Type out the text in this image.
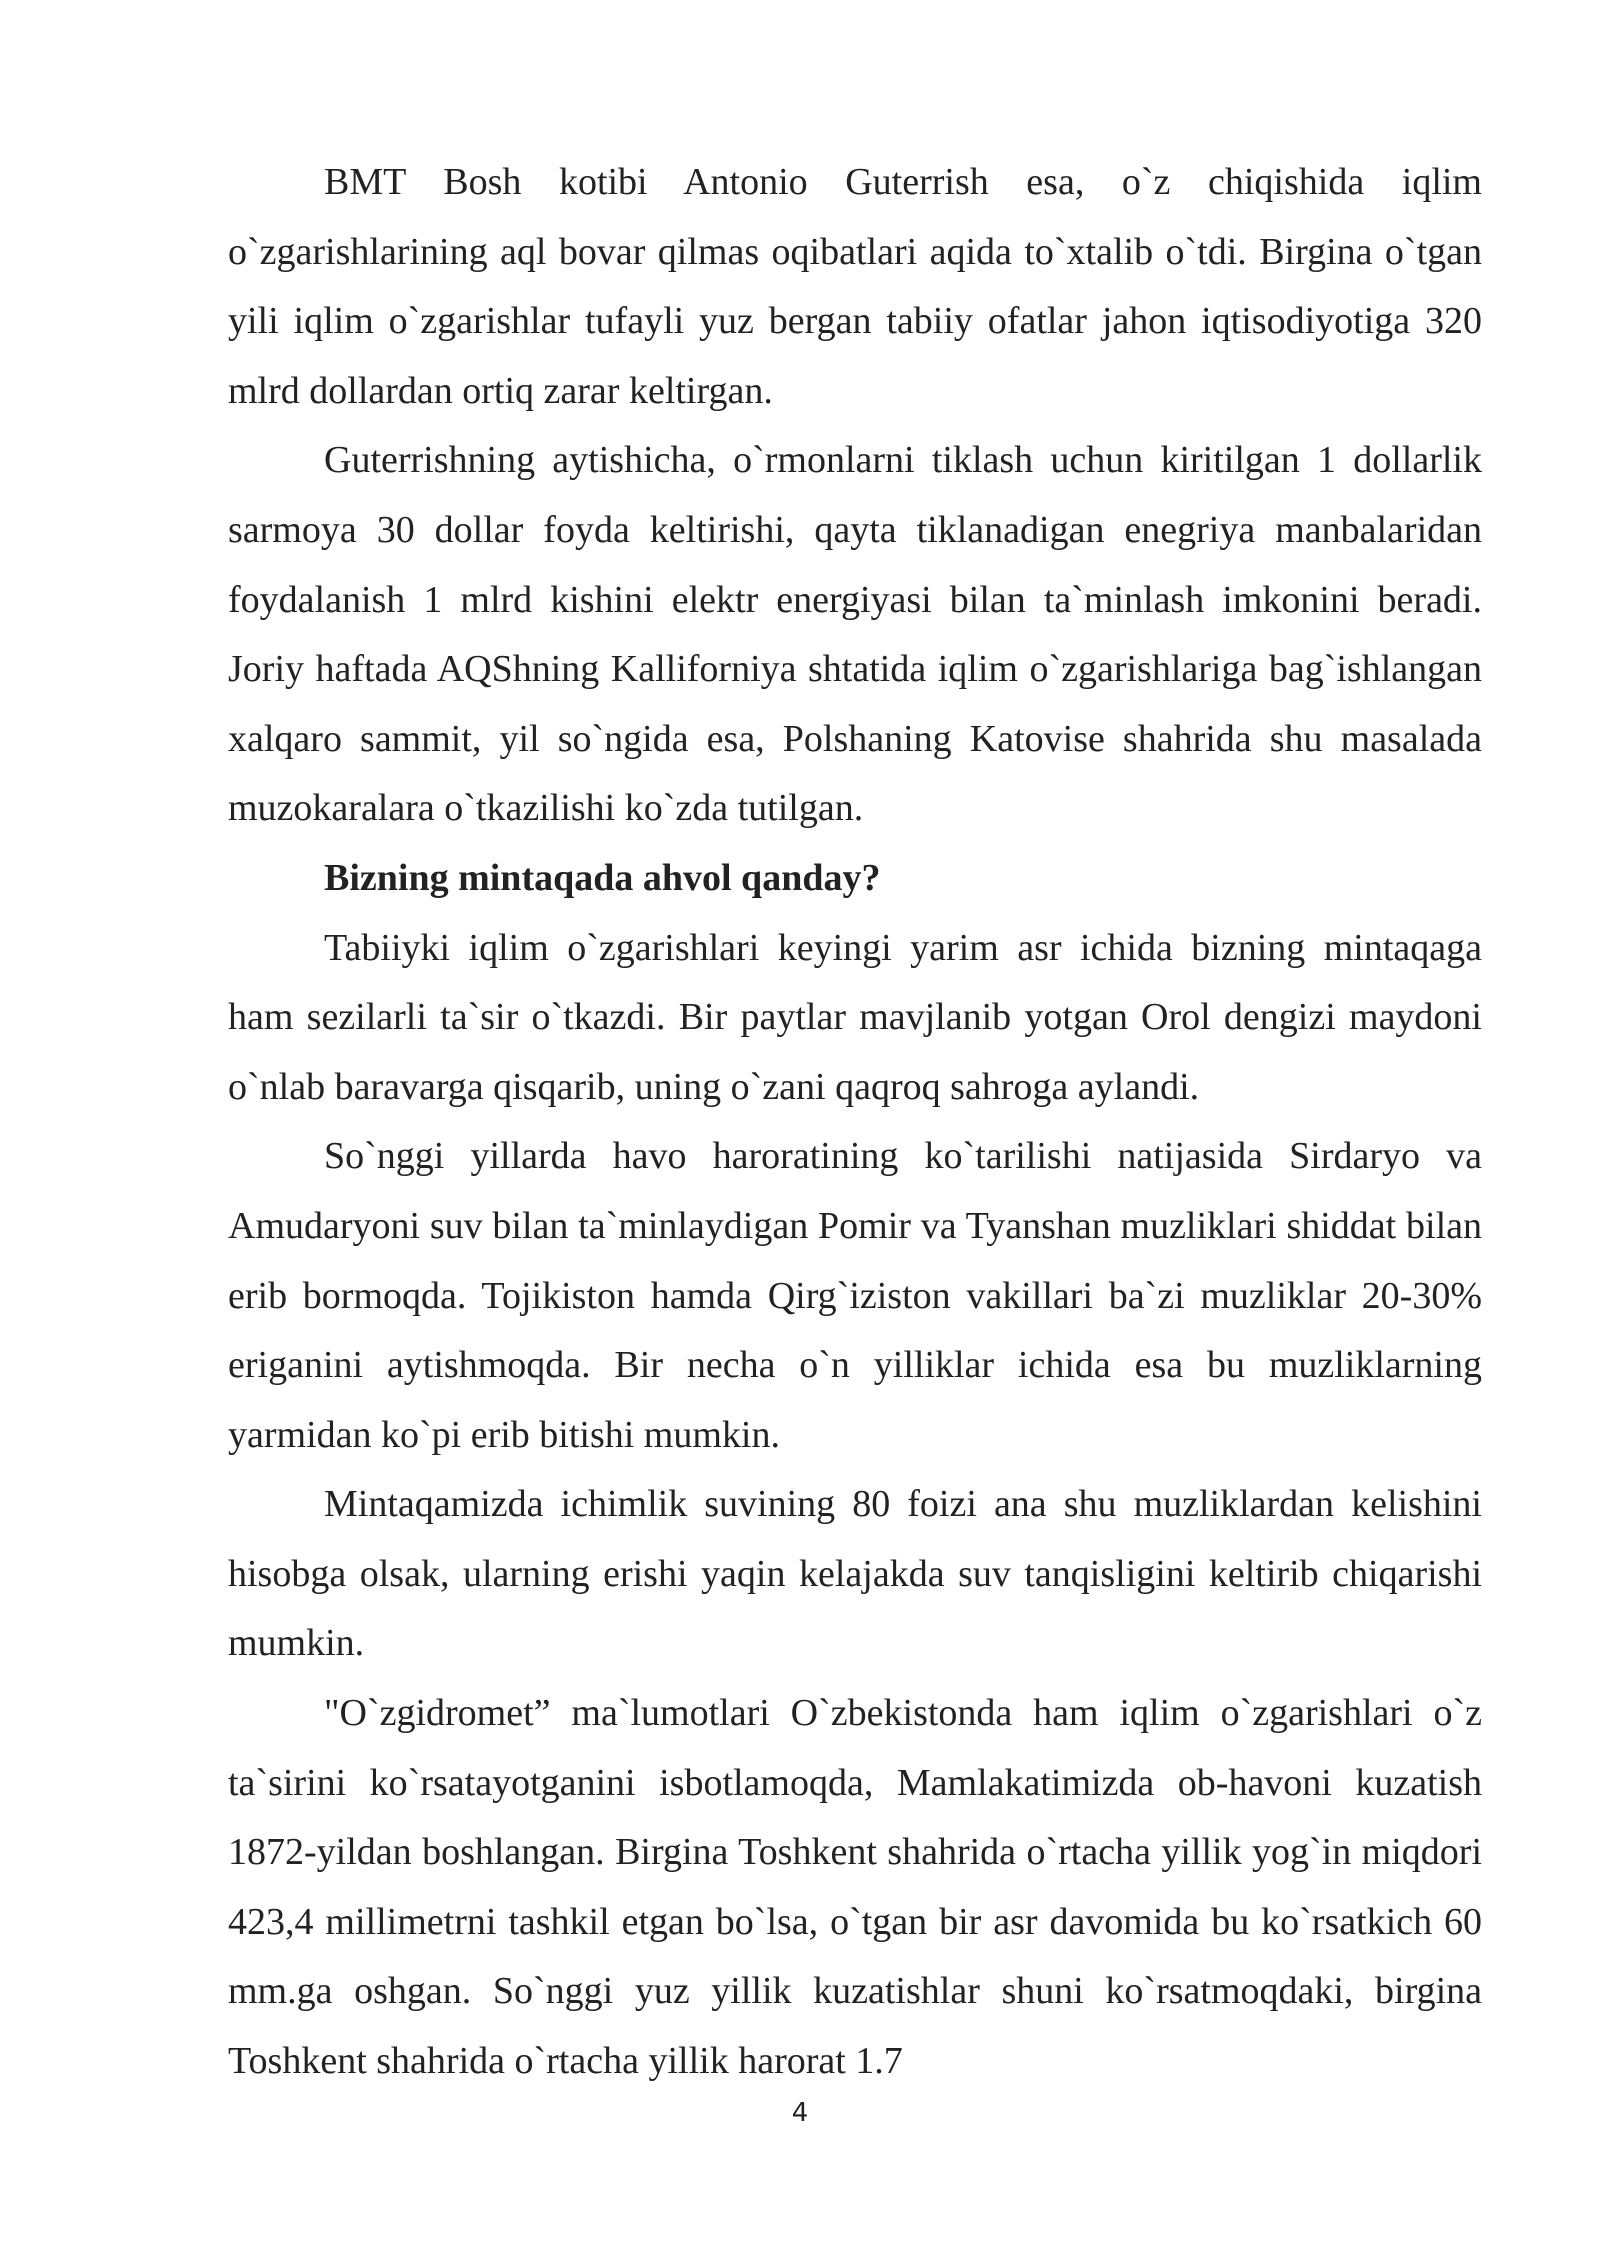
BMT Bosh kotibi Antonio Guterrish esa, o`z chiqishida iqlim o`zgarishlarining aql bovar qilmas oqibatlari aqida to`xtalib o`tdi. Birgina o`tgan yili iqlim o`zgarishlar tufayli yuz bergan tabiiy ofatlar jahon iqtisodiyotiga 320 mlrd dollardan ortiq zarar keltirgan.

Guterrishning aytishicha, o`rmonlarni tiklash uchun kiritilgan 1 dollarlik sarmoya 30 dollar foyda keltirishi, qayta tiklanadigan enegriya manbalaridan foydalanish 1 mlrd kishini elektr energiyasi bilan ta`minlash imkonini beradi. Joriy haftada AQShning Kalliforniya shtatida iqlim o`zgarishlariga bag`ishlangan xalqaro sammit, yil so`ngida esa, Polshaning Katovise shahrida shu masalada muzokaralara o`tkazilishi ko`zda tutilgan.

Bizning mintaqada ahvol qanday?

Tabiiyki iqlim o`zgarishlari keyingi yarim asr ichida bizning mintaqaga ham sezilarli ta`sir o`tkazdi. Bir paytlar mavjlanib yotgan Orol dengizi maydoni o`nlab baravarga qisqarib, uning o`zani qaqroq sahroga aylandi.

So`nggi yillarda havo haroratining ko`tarilishi natijasida Sirdaryo va Amudaryoni suv bilan ta`minlaydigan Pomir va Tyanshan muzliklari shiddat bilan erib bormoqda. Tojikiston hamda Qirg`iziston vakillari ba`zi muzliklar 20-30% eriganini aytishmoqda. Bir necha o`n yilliklar ichida esa bu muzliklarning yarmidan ko`pi erib bitishi mumkin.

Mintaqamizda ichimlik suvining 80 foizi ana shu muzliklardan kelishini hisobga olsak, ularning erishi yaqin kelajakda suv tanqisligini keltirib chiqarishi mumkin.

"O`zgidromet” ma`lumotlari O`zbekistonda ham iqlim o`zgarishlari o`z ta`sirini ko`rsatayotganini isbotlamoqda, Mamlakatimizda ob-havoni kuzatish 1872-yildan boshlangan. Birgina Toshkent shahrida o`rtacha yillik yog`in miqdori 423,4 millimetrni tashkil etgan bo`lsa, o`tgan bir asr davomida bu ko`rsatkich 60 mm.ga oshgan. So`nggi yuz yillik kuzatishlar shuni ko`rsatmoqdaki, birgina Toshkent shahrida o`rtacha yillik harorat 1.7

4
